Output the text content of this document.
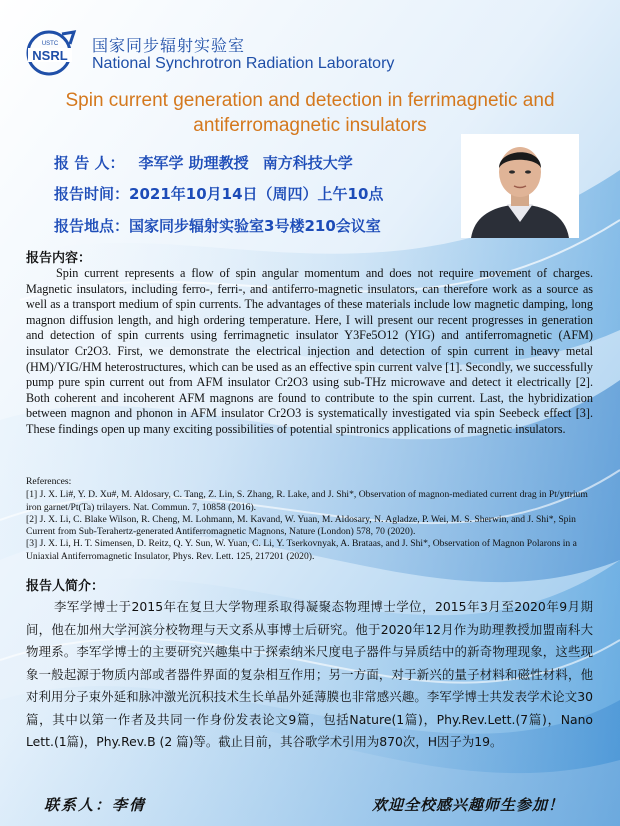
USTC
NSRL
国家同步辐射实验室
National Synchrotron Radiation Laboratory
Spin current generation and detection in ferrimagnetic and
antiferromagnetic insulators
报 告 人： 李军学 助理教授 南方科技大学
报告时间：2021年10月14日（周四）上午10点
报告地点：国家同步辐射实验室3号楼210会议室
报告内容：

Spin current represents a flow of spin angular momentum and does not require movement of charges. Magnetic insulators, including ferro-, ferri-, and antiferro-magnetic insulators, can therefore work as a source as well as a transport medium of spin currents. The advantages of these materials include low magnetic damping, long magnon diffusion length, and high ordering temperature. Here, I will present our recent progresses in generation and detection of spin currents using ferrimagnetic insulator Y3Fe5O12 (YIG) and antiferromagnetic (AFM) insulator Cr2O3. First, we demonstrate the electrical injection and detection of spin current in heavy metal (HM)/YIG/HM heterostructures, which can be used as an effective spin current valve [1]. Secondly, we successfully pump pure spin current out from AFM insulator Cr2O3 using sub-THz microwave and detect it electrically [2]. Both coherent and incoherent AFM magnons are found to contribute to the spin current. Last, the hybridization between magnon and phonon in AFM insulator Cr2O3 is systematically investigated via spin Seebeck effect [3]. These findings open up many exciting possibilities of potential spintronics applications of magnetic insulators.

References:
[1] J. X. Li#, Y. D. Xu#, M. Aldosary, C. Tang, Z. Lin, S. Zhang, R. Lake, and J. Shi*, Observation of magnon-mediated current drag in Pt/yttrium iron garnet/Pt(Ta) trilayers. Nat. Commun. 7, 10858 (2016).
[2] J. X. Li, C. Blake Wilson, R. Cheng, M. Lohmann, M. Kavand, W. Yuan, M. Aldosary, N. Agladze, P. Wei, M. S. Sherwin, and J. Shi*, Spin Current from Sub-Terahertz-generated Antiferromagnetic Magnons, Nature (London) 578, 70 (2020).
[3] J. X. Li, H. T. Simensen, D. Reitz, Q. Y. Sun, W. Yuan, C. Li, Y. Tserkovnyak, A. Brataas, and J. Shi*, Observation of Magnon Polarons in a Uniaxial Antiferromagnetic Insulator, Phys. Rev. Lett. 125, 217201 (2020).
报告人简介：

李军学博士于2015年在复旦大学物理系取得凝聚态物理博士学位，2015年3月至2020年9月期间，他在加州大学河滨分校物理与天文系从事博士后研究。他于2020年12月作为助理教授加盟南科大物理系。李军学博士的主要研究兴趣集中于探索纳米尺度电子器件与异质结中的新奇物理现象，这些现象一般起源于物质内部或者器件界面的复杂相互作用；另一方面，对于新兴的量子材料和磁性材料，他对利用分子束外延和脉冲激光沉积技术生长单晶外延薄膜也非常感兴趣。李军学博士共发表学术论文30篇，其中以第一作者及共同一作身份发表论文9篇，包括Nature(1篇)，Phy.Rev.Lett.(7篇)，Nano Lett.(1篇)，Phy.Rev.B (2 篇)等。截止目前，其谷歌学术引用为870次，H因子为19。

联系人：李倩	欢迎全校感兴趣师生参加！
